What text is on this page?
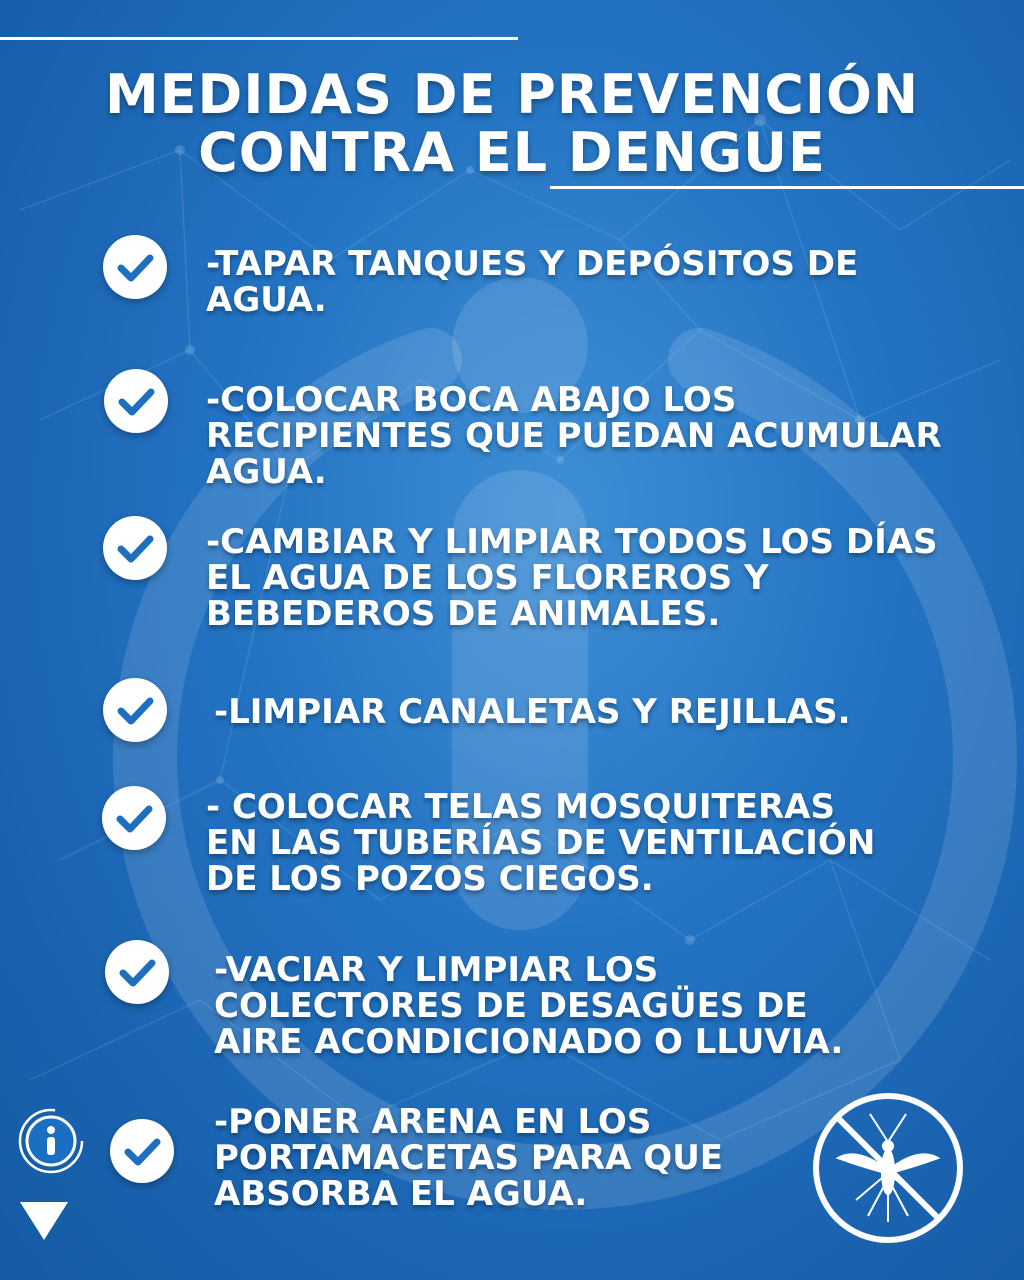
MEDIDAS DE PREVENCIÓN
CONTRA EL DENGUE
-TAPAR TANQUES Y DEPÓSITOS DE
AGUA.
-COLOCAR BOCA ABAJO LOS
RECIPIENTES QUE PUEDAN ACUMULAR
AGUA.
-CAMBIAR Y LIMPIAR TODOS LOS DÍAS
EL AGUA DE LOS FLOREROS Y
BEBEDEROS DE ANIMALES.
-LIMPIAR CANALETAS Y REJILLAS.
- COLOCAR TELAS MOSQUITERAS
EN LAS TUBERÍAS DE VENTILACIÓN
DE LOS POZOS CIEGOS.
-VACIAR Y LIMPIAR LOS
COLECTORES DE DESAGÜES DE
AIRE ACONDICIONADO O LLUVIA.
-PONER ARENA EN LOS
PORTAMACETAS PARA QUE
ABSORBA EL AGUA.
